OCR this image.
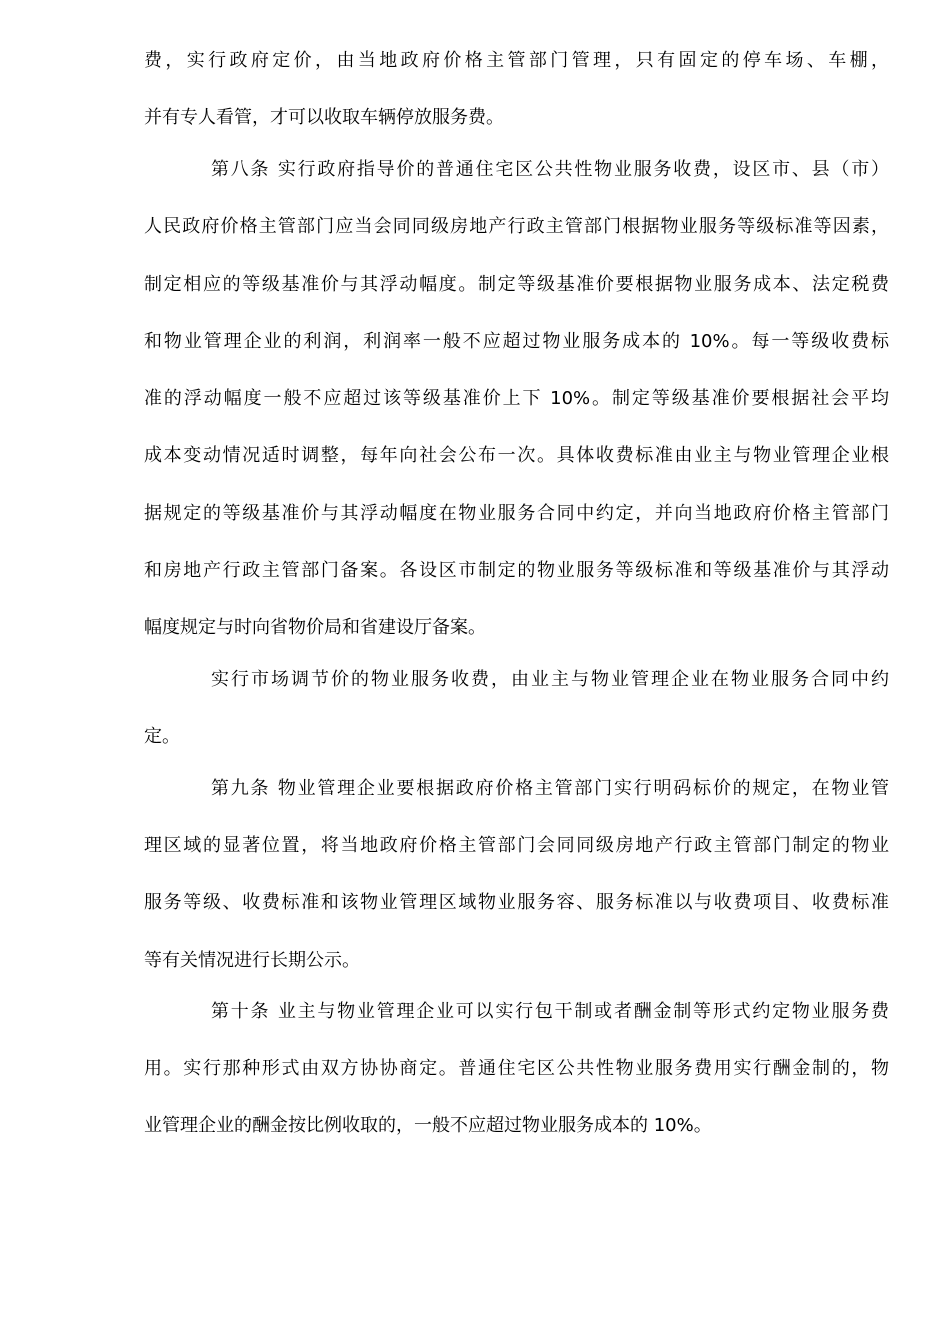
费，实行政府定价，由当地政府价格主管部门管理，只有固定的停车场、车棚，
并有专人看管，才可以收取车辆停放服务费。
第八条 实行政府指导价的普通住宅区公共性物业服务收费，设区市、县（市）
人民政府价格主管部门应当会同同级房地产行政主管部门根据物业服务等级标准等因素，
制定相应的等级基准价与其浮动幅度。制定等级基准价要根据物业服务成本、法定税费
和物业管理企业的利润，利润率一般不应超过物业服务成本的 10%。每一等级收费标
准的浮动幅度一般不应超过该等级基准价上下 10%。制定等级基准价要根据社会平均
成本变动情况适时调整，每年向社会公布一次。具体收费标准由业主与物业管理企业根
据规定的等级基准价与其浮动幅度在物业服务合同中约定，并向当地政府价格主管部门
和房地产行政主管部门备案。各设区市制定的物业服务等级标准和等级基准价与其浮动
幅度规定与时向省物价局和省建设厅备案。
实行市场调节价的物业服务收费，由业主与物业管理企业在物业服务合同中约
定。
第九条 物业管理企业要根据政府价格主管部门实行明码标价的规定，在物业管
理区域的显著位置，将当地政府价格主管部门会同同级房地产行政主管部门制定的物业
服务等级、收费标准和该物业管理区域物业服务容、服务标准以与收费项目、收费标准
等有关情况进行长期公示。
第十条 业主与物业管理企业可以实行包干制或者酬金制等形式约定物业服务费
用。实行那种形式由双方协协商定。普通住宅区公共性物业服务费用实行酬金制的，物
业管理企业的酬金按比例收取的，一般不应超过物业服务成本的 10%。
